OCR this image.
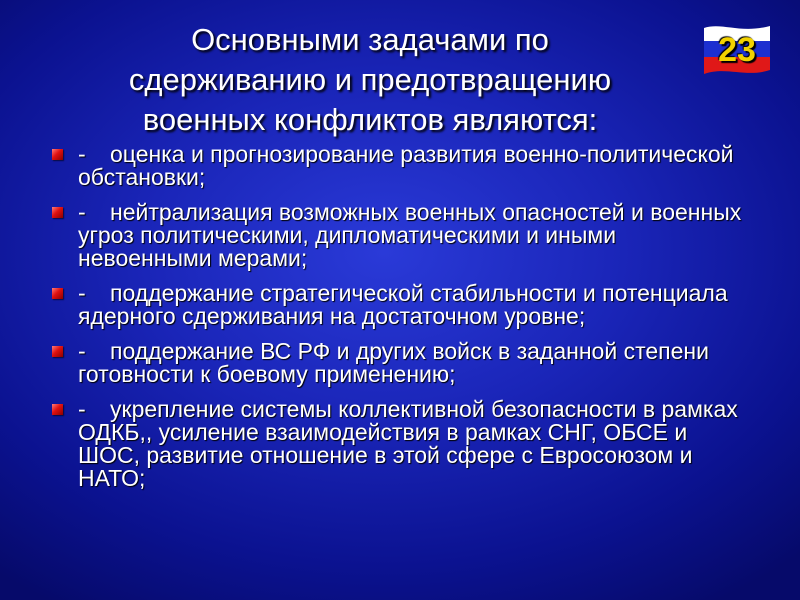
Основными задачами по
сдерживанию и предотвращению
военных конфликтов являются:
23
- оценка и прогнозирование развития военно-политической обстановки;
- нейтрализация возможных военных опасностей и военных угроз политическими, дипломатическими и иными невоенными мерами;
- поддержание стратегической стабильности и потенциала ядерного сдерживания на достаточном уровне;
- поддержание ВС РФ и других войск в заданной степени готовности к боевому применению;
- укрепление системы коллективной безопасности в рамках ОДКБ,, усиление взаимодействия в рамках СНГ, ОБСЕ и ШОС, развитие отношение в этой сфере с Евросоюзом и НАТО;
